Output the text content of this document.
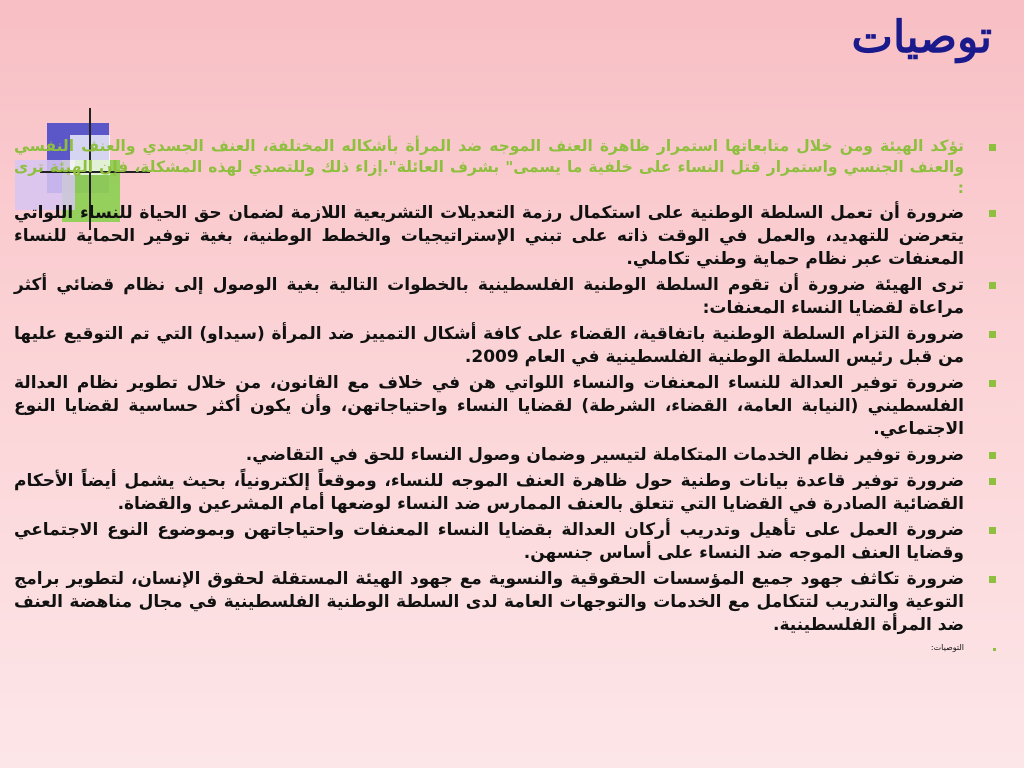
توصيات
تؤكد الهيئة ومن خلال متابعاتها استمرار ظاهرة العنف الموجه ضد المرأة بأشكاله المختلفة، العنف الجسدي والعنف النفسي والعنف الجنسي واستمرار قتل النساء على خلفية ما يسمى" بشرف العائلة".إزاء ذلك وللتصدي لهذه المشكلة، فإن الهيئة ترى :
ضرورة أن تعمل السلطة الوطنية على استكمال رزمة التعديلات التشريعية اللازمة لضمان حق الحياة للنساء اللواتي يتعرضن للتهديد، والعمل في الوقت ذاته على تبني الإستراتيجيات والخطط الوطنية، بغية توفير الحماية للنساء المعنفات عبر نظام حماية وطني تكاملي.
ترى الهيئة ضرورة أن تقوم السلطة الوطنية الفلسطينية بالخطوات التالية بغية الوصول إلى نظام قضائي أكثر مراعاة لقضايا النساء المعنفات:
ضرورة التزام السلطة الوطنية باتفاقية، القضاء على كافة أشكال التمييز ضد المرأة (سيداو) التي تم التوقيع عليها من قبل رئيس السلطة الوطنية الفلسطينية في العام 2009.
ضرورة توفير العدالة للنساء المعنفات والنساء اللواتي هن في خلاف مع القانون، من خلال تطوير نظام العدالة الفلسطيني (النيابة العامة، القضاء، الشرطة) لقضايا النساء واحتياجاتهن، وأن يكون أكثر حساسية لقضايا النوع الاجتماعي.
ضرورة توفير نظام الخدمات المتكاملة لتيسير وضمان وصول النساء للحق في التقاضي.
ضرورة توفير قاعدة بيانات وطنية حول ظاهرة العنف الموجه للنساء، وموقعاً إلكترونياً، بحيث يشمل أيضاً الأحكام القضائية الصادرة في القضايا التي تتعلق بالعنف الممارس ضد النساء لوضعها أمام المشرعين والقضاة.
ضرورة العمل على تأهيل وتدريب أركان العدالة بقضايا النساء المعنفات واحتياجاتهن وبموضوع النوع الاجتماعي وقضايا العنف الموجه ضد النساء على أساس جنسهن.
ضرورة تكاثف جهود جميع المؤسسات الحقوقية والنسوية مع جهود الهيئة المستقلة لحقوق الإنسان، لتطوير برامج التوعية والتدريب لتتكامل مع الخدمات والتوجهات العامة لدى السلطة الوطنية الفلسطينية في مجال مناهضة العنف ضد المرأة الفلسطينية.
التوصيات:
